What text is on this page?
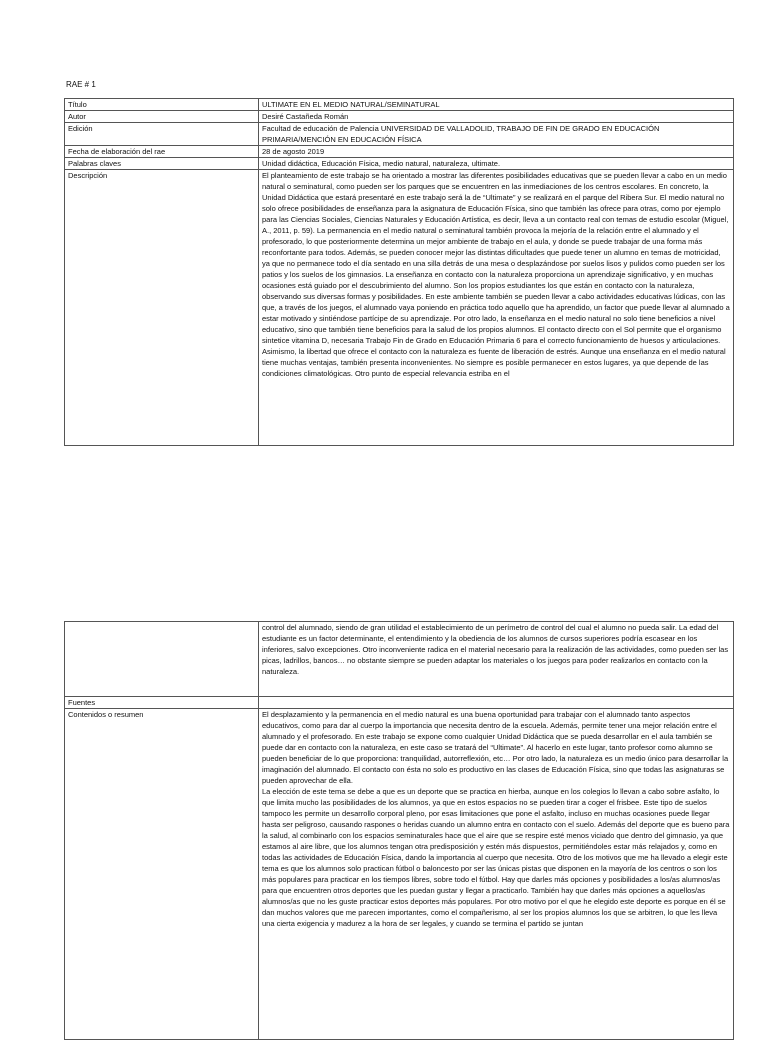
RAE # 1
Título	ULTIMATE EN EL MEDIO NATURAL/SEMINATURAL
Autor	Desiré Castañeda Román
Edición	Facultad de educación de Palencia UNIVERSIDAD DE VALLADOLID, TRABAJO DE FIN DE GRADO EN EDUCACIÓN PRIMARIA/MENCIÓN EN EDUCACIÓN FÍSICA
Fecha de elaboración del rae	28 de agosto 2019
Palabras claves	Unidad didáctica, Educación Física, medio natural, naturaleza, ultimate.
Descripción	El planteamiento de este trabajo se ha orientado a mostrar las diferentes posibilidades educativas que se pueden llevar a cabo en un medio natural o seminatural, como pueden ser los parques que se encuentren en las inmediaciones de los centros escolares. En concreto, la Unidad Didáctica que estará presentaré en este trabajo será la de “Ultimate” y se realizará en el parque del Ribera Sur. El medio natural no solo ofrece posibilidades de enseñanza para la asignatura de Educación Física, sino que también las ofrece para otras, como por ejemplo para las Ciencias Sociales, Ciencias Naturales y Educación Artística, es decir, lleva a un contacto real con temas de estudio escolar (Miguel, A., 2011, p. 59). La permanencia en el medio natural o seminatural también provoca la mejoría de la relación entre el alumnado y el profesorado, lo que posteriormente determina un mejor ambiente de trabajo en el aula, y donde se puede trabajar de una forma más reconfortante para todos. Además, se pueden conocer mejor las distintas dificultades que puede tener un alumno en temas de motricidad, ya que no permanece todo el día sentado en una silla detrás de una mesa o desplazándose por suelos lisos y pulidos como pueden ser los patios y los suelos de los gimnasios. La enseñanza en contacto con la naturaleza proporciona un aprendizaje significativo, y en muchas ocasiones está guiado por el descubrimiento del alumno. Son los propios estudiantes los que están en contacto con la naturaleza, observando sus diversas formas y posibilidades. En este ambiente también se pueden llevar a cabo actividades educativas lúdicas, con las que, a través de los juegos, el alumnado vaya poniendo en práctica todo aquello que ha aprendido, un factor que puede llevar al alumnado a estar motivado y sintiéndose partícipe de su aprendizaje. Por otro lado, la enseñanza en el medio natural no solo tiene beneficios a nivel educativo, sino que también tiene beneficios para la salud de los propios alumnos. El contacto directo con el Sol permite que el organismo sintetice vitamina D, necesaria Trabajo Fin de Grado en Educación Primaria 6 para el correcto funcionamiento de huesos y articulaciones. Asimismo, la libertad que ofrece el contacto con la naturaleza es fuente de liberación de estrés. Aunque una enseñanza en el medio natural tiene muchas ventajas, también presenta inconvenientes. No siempre es posible permanecer en estos lugares, ya que depende de las condiciones climatológicas. Otro punto de especial relevancia estriba en el

	control del alumnado, siendo de gran utilidad el establecimiento de un perímetro de control del cual el alumno no pueda salir. La edad del estudiante es un factor determinante, el entendimiento y la obediencia de los alumnos de cursos superiores podría escasear en los inferiores, salvo excepciones. Otro inconveniente radica en el material necesario para la realización de las actividades, como pueden ser las picas, ladrillos, bancos… no obstante siempre se pueden adaptar los materiales o los juegos para poder realizarlos en contacto con la naturaleza.

Fuentes	
Contenidos o resumen	El desplazamiento y la permanencia en el medio natural es una buena oportunidad para trabajar con el alumnado tanto aspectos educativos, como para dar al cuerpo la importancia que necesita dentro de la escuela. Además, permite tener una mejor relación entre el alumnado y el profesorado. En este trabajo se expone como cualquier Unidad Didáctica que se pueda desarrollar en el aula también se puede dar en contacto con la naturaleza, en este caso se tratará del “Ultimate”. Al hacerlo en este lugar, tanto profesor como alumno se pueden beneficiar de lo que proporciona: tranquilidad, autorreflexión, etc… Por otro lado, la naturaleza es un medio único para desarrollar la imaginación del alumnado. El contacto con ésta no solo es productivo en las clases de Educación Física, sino que todas las asignaturas se pueden aprovechar de ella.

La elección de este tema se debe a que es un deporte que se practica en hierba, aunque en los colegios lo llevan a cabo sobre asfalto, lo que limita mucho las posibilidades de los alumnos, ya que en estos espacios no se pueden tirar a coger el frisbee. Este tipo de suelos tampoco les permite un desarrollo corporal pleno, por esas limitaciones que pone el asfalto, incluso en muchas ocasiones puede llegar hasta ser peligroso, causando raspones o heridas cuando un alumno entra en contacto con el suelo. Además del deporte que es bueno para la salud, al combinarlo con los espacios seminaturales hace que el aire que se respire esté menos viciado que dentro del gimnasio, ya que estamos al aire libre, que los alumnos tengan otra predisposición y estén más dispuestos, permitiéndoles estar más relajados y, como en todas las actividades de Educación Física, dando la importancia al cuerpo que necesita. Otro de los motivos que me ha llevado a elegir este tema es que los alumnos solo practican fútbol o baloncesto por ser las únicas pistas que disponen en la mayoría de los centros o son los más populares para practicar en los tiempos libres, sobre todo el fútbol. Hay que darles más opciones y posibilidades a los/as alumnos/as para que encuentren otros deportes que les puedan gustar y llegar a practicarlo. También hay que darles más opciones a aquellos/as alumnos/as que no les guste practicar estos deportes más populares. Por otro motivo por el que he elegido este deporte es porque en él se dan muchos valores que me parecen importantes, como el compañerismo, al ser los propios alumnos los que se arbitren, lo que les lleva una cierta exigencia y madurez a la hora de ser legales, y cuando se termina el partido se juntan
